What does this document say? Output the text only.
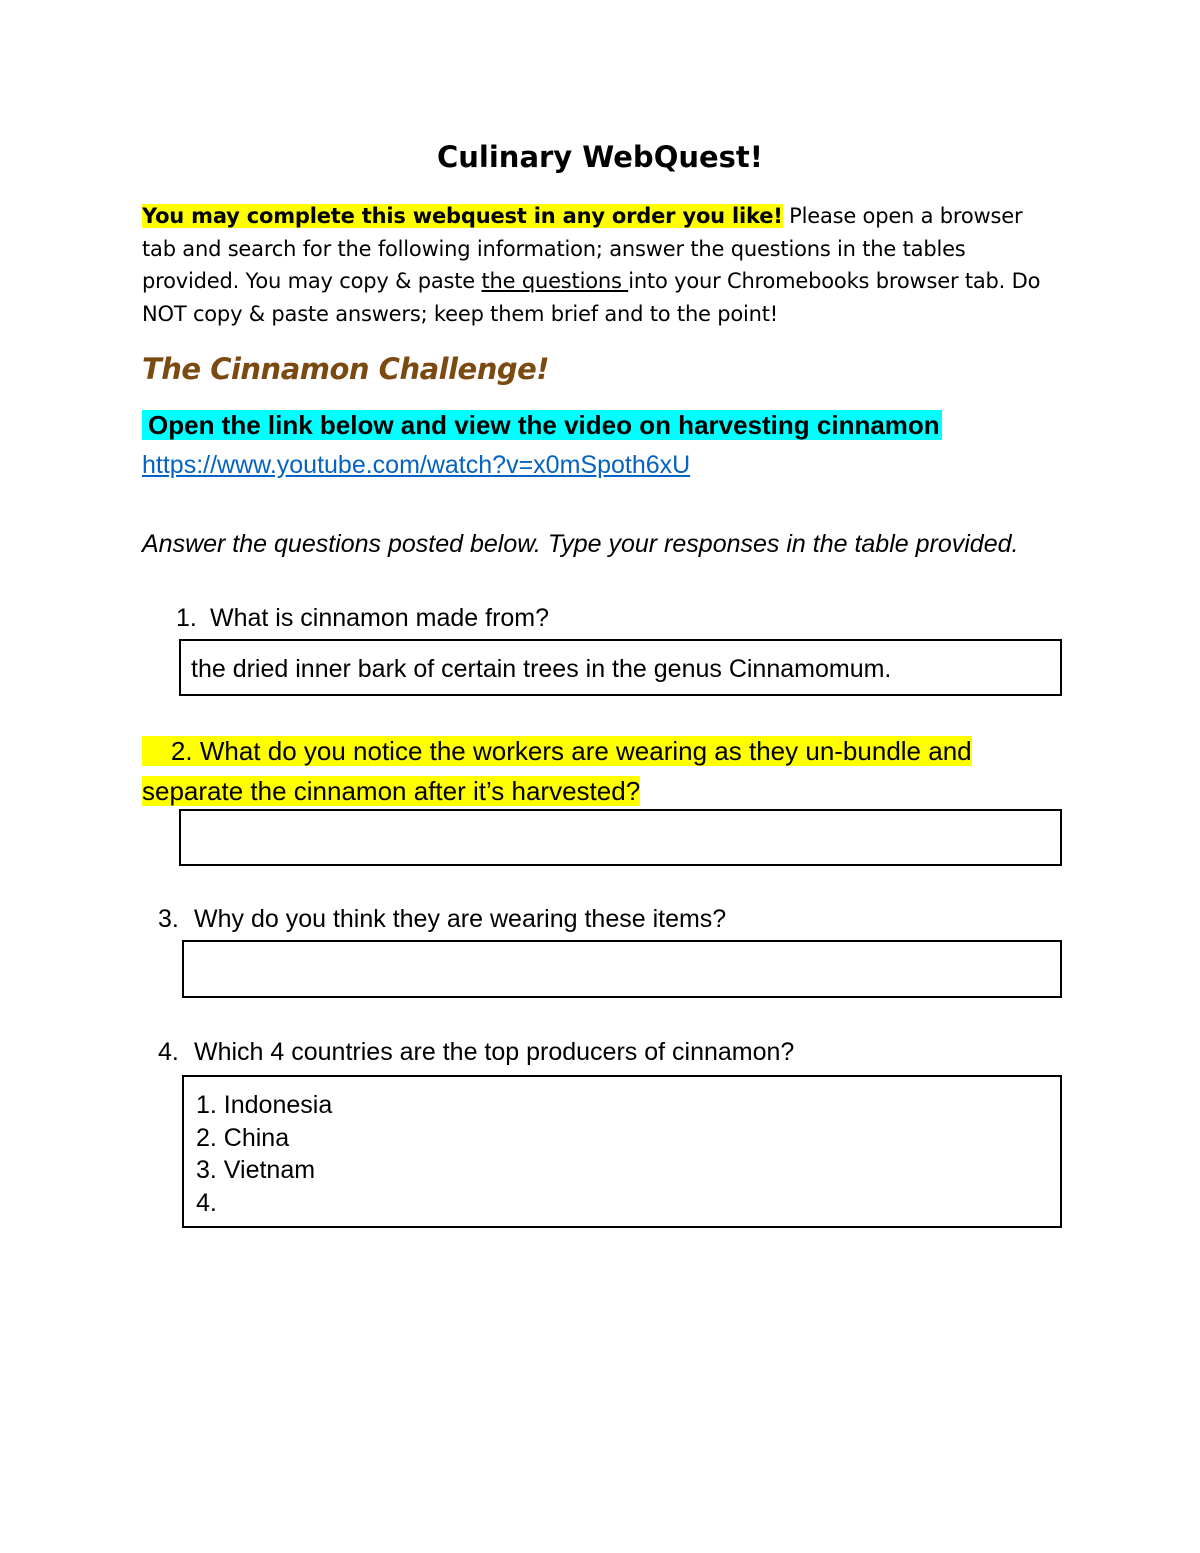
Culinary WebQuest!
You may complete this webquest in any order you like! Please open a browser tab and search for the following information; answer the questions in the tables provided. You may copy & paste the questions into your Chromebooks browser tab. Do NOT copy & paste answers; keep them brief and to the point!
The Cinnamon Challenge!
Open the link below and view the video on harvesting cinnamon
https://www.youtube.com/watch?v=x0mSpoth6xU
Answer the questions posted below. Type your responses in the table provided.
1. What is cinnamon made from?
the dried inner bark of certain trees in the genus Cinnamomum.
2. What do you notice the workers are wearing as they un-bundle and separate the cinnamon after it’s harvested?
3. Why do you think they are wearing these items?
4. Which 4 countries are the top producers of cinnamon?
1. Indonesia
2. China
3. Vietnam
4.
